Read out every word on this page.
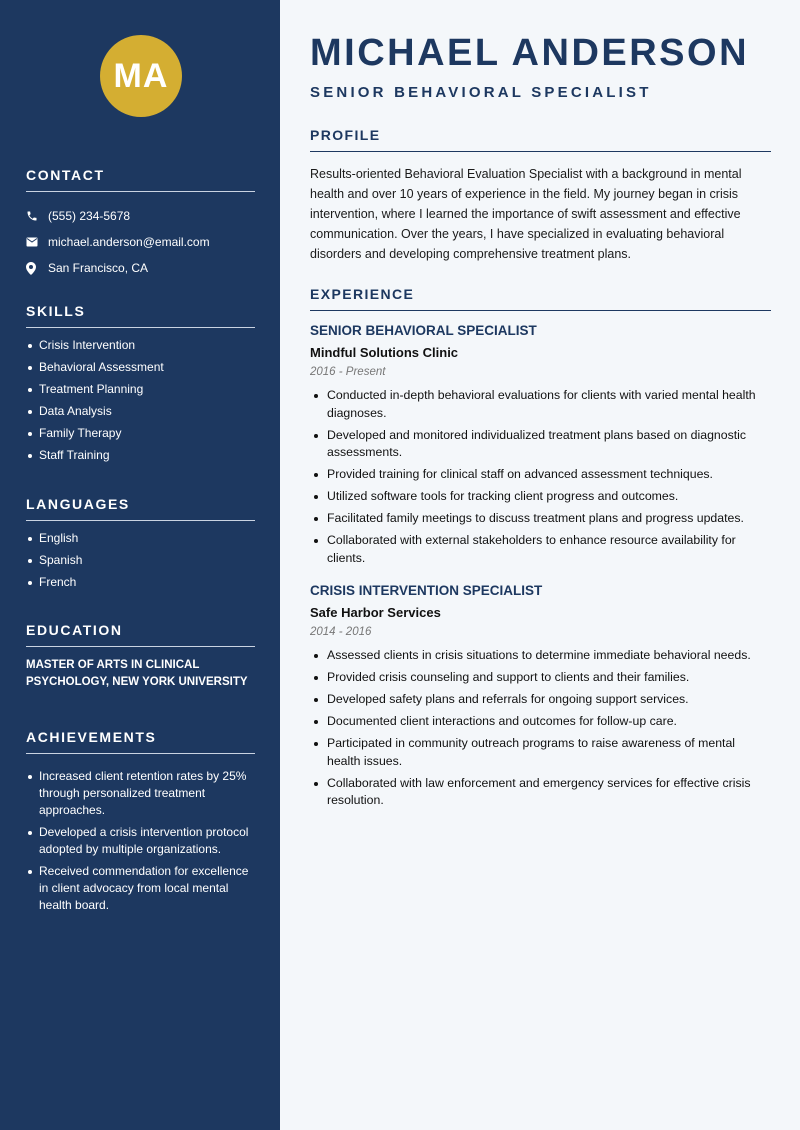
MA
CONTACT
(555) 234-5678
michael.anderson@email.com
San Francisco, CA
SKILLS
Crisis Intervention
Behavioral Assessment
Treatment Planning
Data Analysis
Family Therapy
Staff Training
LANGUAGES
English
Spanish
French
EDUCATION

MASTER OF ARTS IN CLINICAL PSYCHOLOGY, NEW YORK UNIVERSITY

ACHIEVEMENTS
Increased client retention rates by 25% through personalized treatment approaches.
Developed a crisis intervention protocol adopted by multiple organizations.
Received commendation for excellence in client advocacy from local mental health board.
MICHAEL ANDERSON
SENIOR BEHAVIORAL SPECIALIST
PROFILE

Results-oriented Behavioral Evaluation Specialist with a background in mental health and over 10 years of experience in the field. My journey began in crisis intervention, where I learned the importance of swift assessment and effective communication. Over the years, I have specialized in evaluating behavioral disorders and developing comprehensive treatment plans.

EXPERIENCE
SENIOR BEHAVIORAL SPECIALIST
Mindful Solutions Clinic
2016 - Present
Conducted in-depth behavioral evaluations for clients with varied mental health diagnoses.
Developed and monitored individualized treatment plans based on diagnostic assessments.
Provided training for clinical staff on advanced assessment techniques.
Utilized software tools for tracking client progress and outcomes.
Facilitated family meetings to discuss treatment plans and progress updates.
Collaborated with external stakeholders to enhance resource availability for clients.
CRISIS INTERVENTION SPECIALIST
Safe Harbor Services
2014 - 2016
Assessed clients in crisis situations to determine immediate behavioral needs.
Provided crisis counseling and support to clients and their families.
Developed safety plans and referrals for ongoing support services.
Documented client interactions and outcomes for follow-up care.
Participated in community outreach programs to raise awareness of mental health issues.
Collaborated with law enforcement and emergency services for effective crisis resolution.
